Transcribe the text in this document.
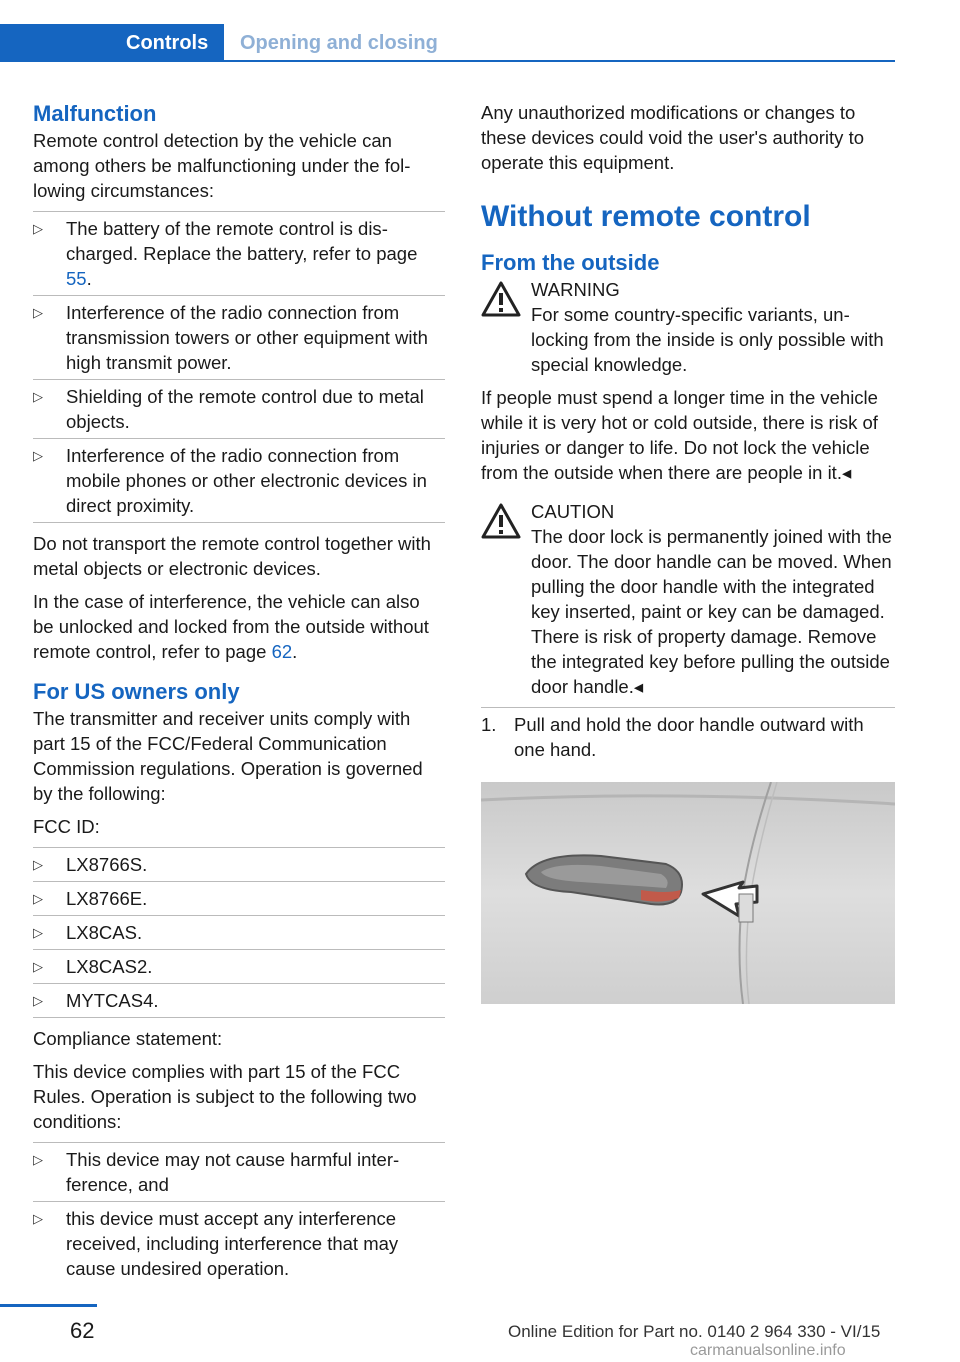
Controls Opening and closing
Malfunction

Remote control detection by the vehicle can among others be malfunctioning under the following circumstances:

▷ The battery of the remote control is discharged. Replace the battery, refer to page 55.
▷ Interference of the radio connection from transmission towers or other equipment with high transmit power.
▷ Shielding of the remote control due to metal objects.
▷ Interference of the radio connection from mobile phones or other electronic devices in direct proximity.

Do not transport the remote control together with metal objects or electronic devices.

In the case of interference, the vehicle can also be unlocked and locked from the outside without remote control, refer to page 62.

For US owners only

The transmitter and receiver units comply with part 15 of the FCC/Federal Communication Commission regulations. Operation is governed by the following:

FCC ID:

▷ LX8766S.
▷ LX8766E.
▷ LX8CAS.
▷ LX8CAS2.
▷ MYTCAS4.

Compliance statement:

This device complies with part 15 of the FCC Rules. Operation is subject to the following two conditions:

▷ This device may not cause harmful interference, and
▷ this device must accept any interference received, including interference that may cause undesired operation.

Any unauthorized modifications or changes to these devices could void the user's authority to operate this equipment.

Without remote control
From the outside
WARNING
For some country-specific variants, unlocking from the inside is only possible with special knowledge.

If people must spend a longer time in the vehicle while it is very hot or cold outside, there is risk of injuries or danger to life. Do not lock the vehicle from the outside when there are people in it.◂

CAUTION
The door lock is permanently joined with the door. The door handle can be moved. When pulling the door handle with the integrated key inserted, paint or key can be damaged. There is risk of property damage. Remove the integrated key before pulling the outside door handle.◂
1. Pull and hold the door handle outward with one hand.
62	Online Edition for Part no. 0140 2 964 330 - VI/15
carmanualsonline.info
